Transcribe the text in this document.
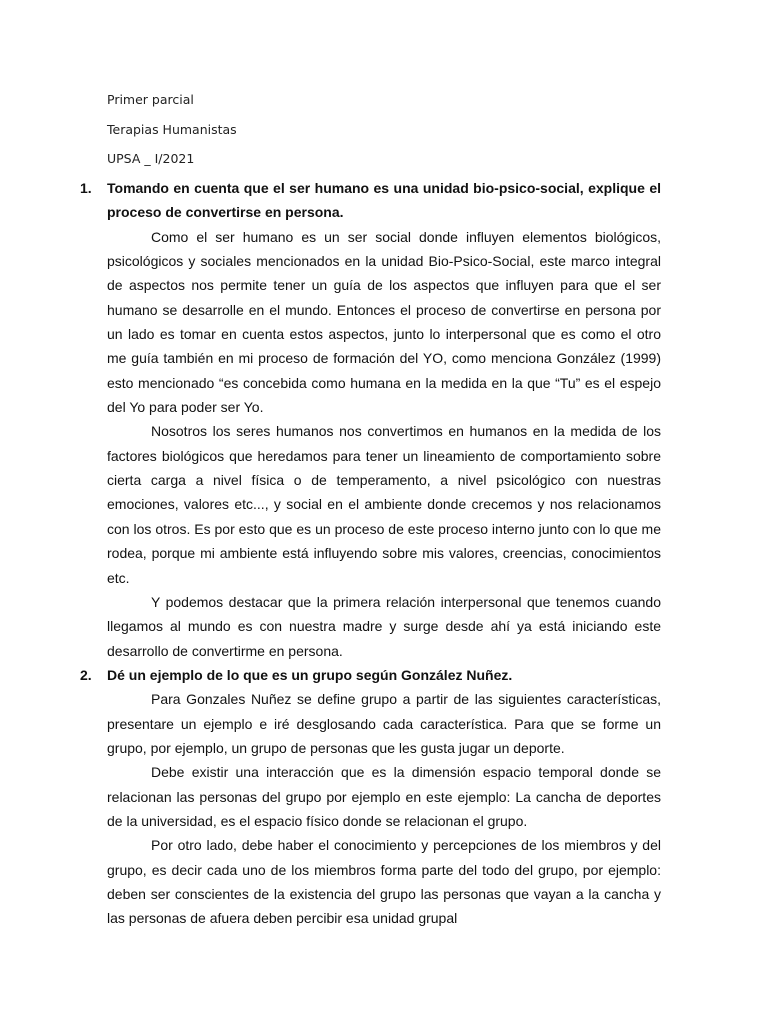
Primer parcial
Terapias Humanistas
UPSA _ I/2021
1. Tomando en cuenta que el ser humano es una unidad bio-psico-social, explique el proceso de convertirse en persona.

Como el ser humano es un ser social donde influyen elementos biológicos, psicológicos y sociales mencionados en la unidad Bio-Psico-Social, este marco integral de aspectos nos permite tener un guía de los aspectos que influyen para que el ser humano se desarrolle en el mundo. Entonces el proceso de convertirse en persona por un lado es tomar en cuenta estos aspectos, junto lo interpersonal que es como el otro me guía también en mi proceso de formación del YO, como menciona González (1999) esto mencionado “es concebida como humana en la medida en la que “Tu” es el espejo del Yo para poder ser Yo.

Nosotros los seres humanos nos convertimos en humanos en la medida de los factores biológicos que heredamos para tener un lineamiento de comportamiento sobre cierta carga a nivel física o de temperamento, a nivel psicológico con nuestras emociones, valores etc..., y social en el ambiente donde crecemos y nos relacionamos con los otros. Es por esto que es un proceso de este proceso interno junto con lo que me rodea, porque mi ambiente está influyendo sobre mis valores, creencias, conocimientos etc.

Y podemos destacar que la primera relación interpersonal que tenemos cuando llegamos al mundo es con nuestra madre y surge desde ahí ya está iniciando este desarrollo de convertirme en persona.

2. Dé un ejemplo de lo que es un grupo según González Nuñez.

Para Gonzales Nuñez se define grupo a partir de las siguientes características, presentare un ejemplo e iré desglosando cada característica. Para que se forme un grupo, por ejemplo, un grupo de personas que les gusta jugar un deporte.

Debe existir una interacción que es la dimensión espacio temporal donde se relacionan las personas del grupo por ejemplo en este ejemplo: La cancha de deportes de la universidad, es el espacio físico donde se relacionan el grupo.

Por otro lado, debe haber el conocimiento y percepciones de los miembros y del grupo, es decir cada uno de los miembros forma parte del todo del grupo, por ejemplo: deben ser conscientes de la existencia del grupo las personas que vayan a la cancha y las personas de afuera deben percibir esa unidad grupal
